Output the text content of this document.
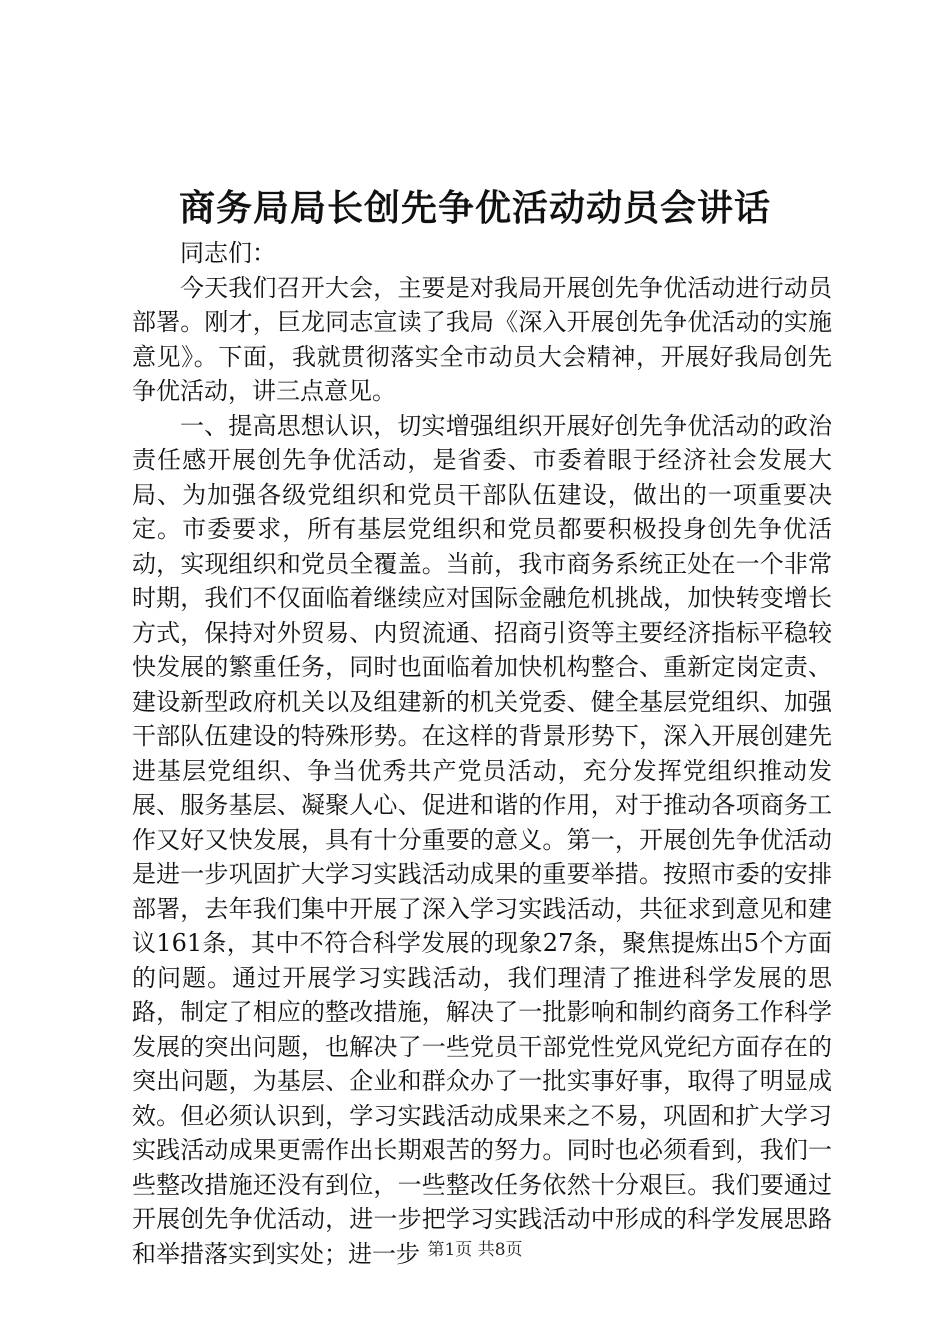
商务局局长创先争优活动动员会讲话

同志们：

今天我们召开大会，主要是对我局开展创先争优活动进行动员部署。刚才，巨龙同志宣读了我局《深入开展创先争优活动的实施意见》。下面，我就贯彻落实全市动员大会精神，开展好我局创先争优活动，讲三点意见。

一、提高思想认识，切实增强组织开展好创先争优活动的政治责任感开展创先争优活动，是省委、市委着眼于经济社会发展大局、为加强各级党组织和党员干部队伍建设，做出的一项重要决定。市委要求，所有基层党组织和党员都要积极投身创先争优活动，实现组织和党员全覆盖。当前，我市商务系统正处在一个非常时期，我们不仅面临着继续应对国际金融危机挑战，加快转变增长方式，保持对外贸易、内贸流通、招商引资等主要经济指标平稳较快发展的繁重任务，同时也面临着加快机构整合、重新定岗定责、建设新型政府机关以及组建新的机关党委、健全基层党组织、加强干部队伍建设的特殊形势。在这样的背景形势下，深入开展创建先进基层党组织、争当优秀共产党员活动，充分发挥党组织推动发展、服务基层、凝聚人心、促进和谐的作用，对于推动各项商务工作又好又快发展，具有十分重要的意义。第一，开展创先争优活动是进一步巩固扩大学习实践活动成果的重要举措。按照市委的安排部署，去年我们集中开展了深入学习实践活动，共征求到意见和建议161条，其中不符合科学发展的现象27条，聚焦提炼出5个方面的问题。通过开展学习实践活动，我们理清了推进科学发展的思路，制定了相应的整改措施，解决了一批影响和制约商务工作科学发展的突出问题，也解决了一些党员干部党性党风党纪方面存在的突出问题，为基层、企业和群众办了一批实事好事，取得了明显成效。但必须认识到，学习实践活动成果来之不易，巩固和扩大学习实践活动成果更需作出长期艰苦的努力。同时也必须看到，我们一些整改措施还没有到位，一些整改任务依然十分艰巨。我们要通过开展创先争优活动，进一步把学习实践活动中形成的科学发展思路和举措落实到实处；进一步 第1页 共8页
